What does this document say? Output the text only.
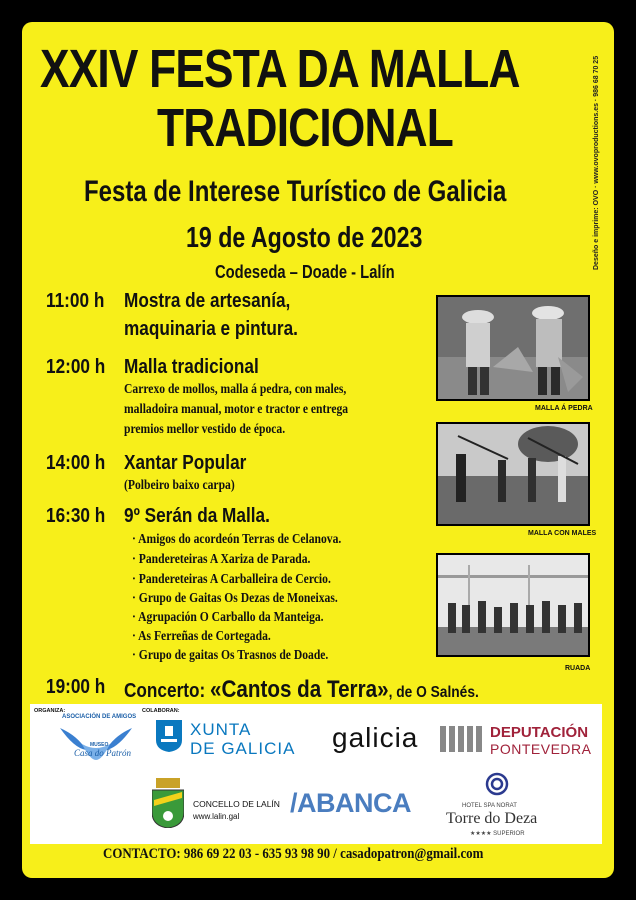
XXIV FESTA DA MALLA
TRADICIONAL
Festa de Interese Turístico de Galicia
19 de Agosto de 2023
Codeseda – Doade - Lalín
Deseño e imprime: OVO · www.ovoproductions.es · 986 68 70 25
11:00 h Mostra de artesanía,
maquinaria e pintura.
12:00 h Malla tradicional
Carrexo de mollos, malla á pedra, con males,
malladoira manual, motor e tractor e entrega
premios mellor vestido de época.
14:00 h Xantar Popular
(Polbeiro baixo carpa)
16:30 h 9º Serán da Malla.
· Amigos do acordeón Terras de Celanova.
· Pandereteiras A Xariza de Parada.
· Pandereteiras A Carballeira de Cercio.
· Grupo de Gaitas Os Dezas de Moneixas.
· Agrupación O Carballo da Manteiga.
· As Ferreñas de Cortegada.
· Grupo de gaitas Os Trasnos de Doade.
19:00 h Concerto: «Cantos da Terra», de O Salnés.
MALLA Á PEDRA
MALLA CON MALES
RUADA
ORGANIZA:	COLABORAN:
ASOCIACIÓN DE AMIGOS
MUSEO
Casa do Patrón
XUNTA
DE GALICIA galicia	DEPUTACIÓN
PONTEVEDRA
CONCELLO DE LALÍN
www.lalin.gal /ABANCA	HOTEL SPA NORAT
Torre do Deza
★★★★ SUPERIOR
CONTACTO: 986 69 22 03 - 635 93 98 90 / casadopatron@gmail.com
